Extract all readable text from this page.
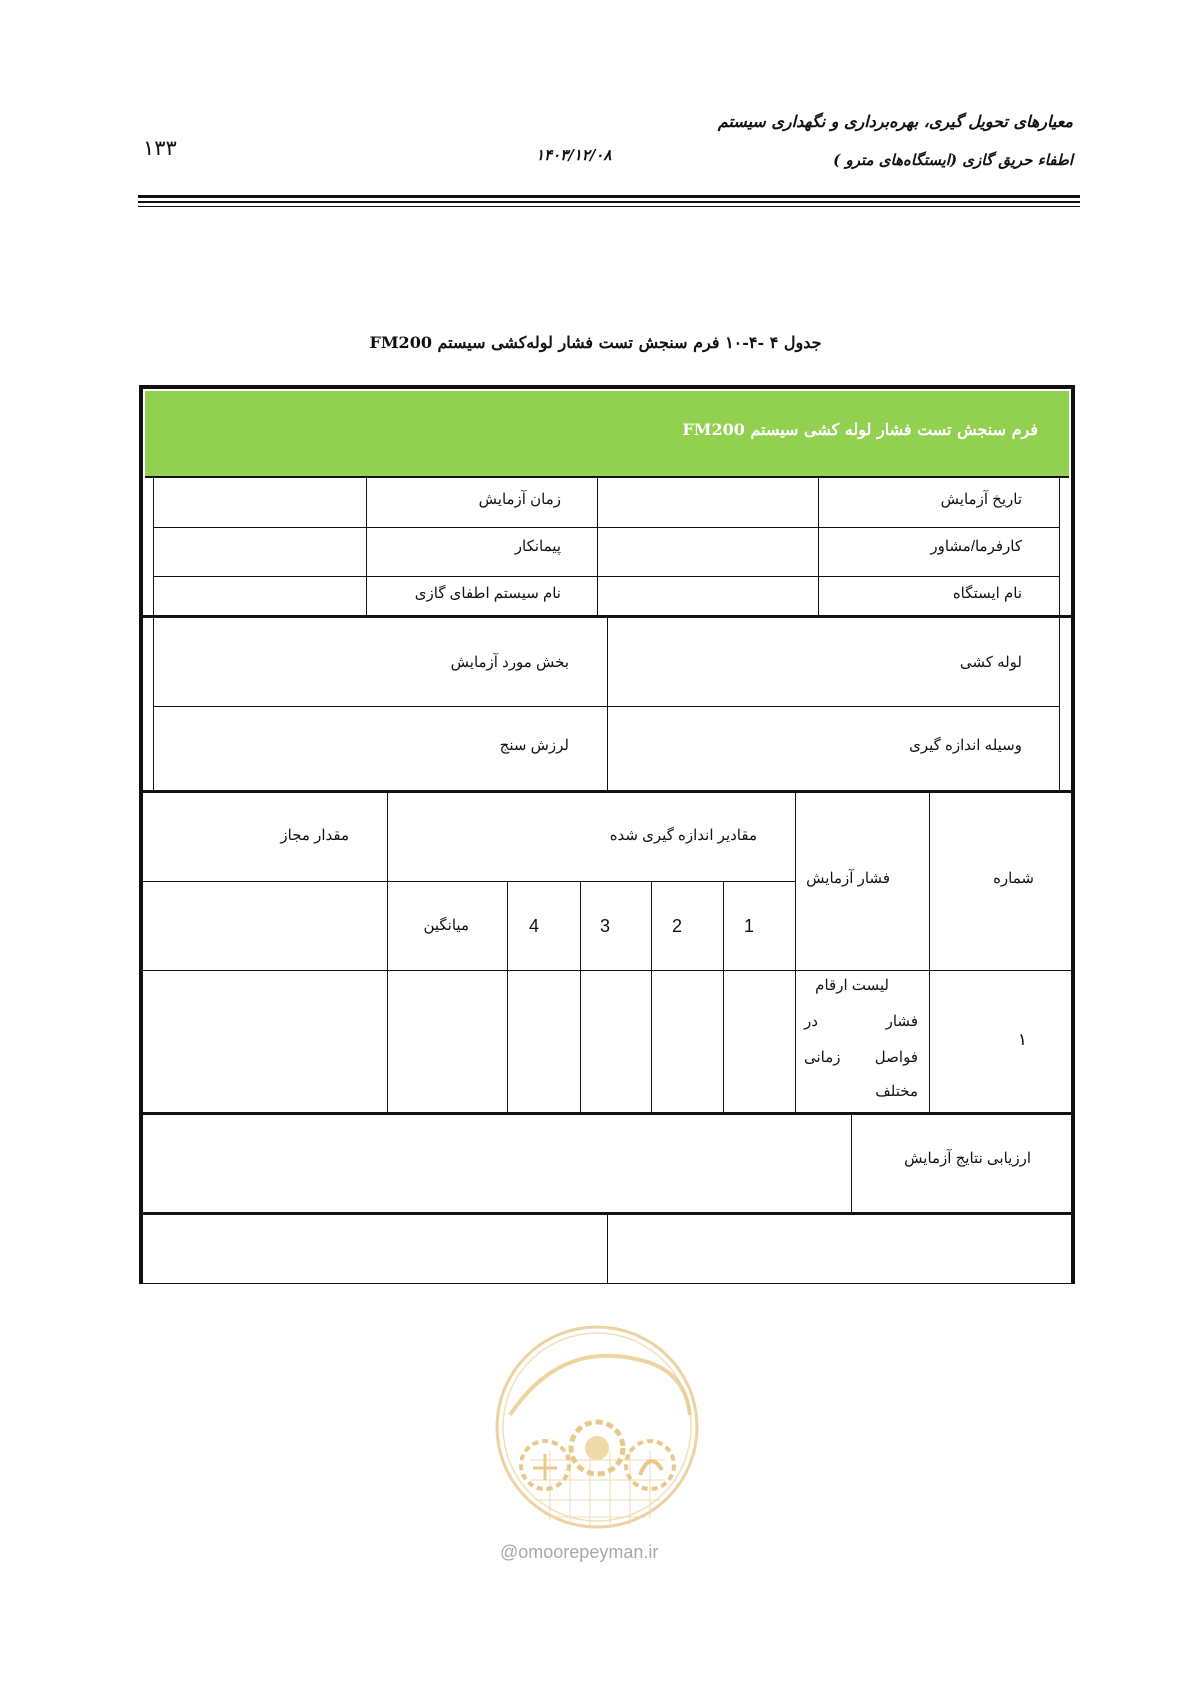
معیارهای تحویل گیری، بهره‌برداری و نگهداری سیستم
اطفاء حریق گازی (ایستگاه‌های مترو )
۱۴۰۳/۱۲/۰۸
۱۳۳
جدول ۴ ‑۴‑۱۰ فرم سنجش تست فشار لوله‌کشی سیستم FM200
فرم سنجش تست فشار لوله کشی سیستم FM200
تاریخ آزمایش
زمان آزمایش
کارفرما/مشاور
پیمانکار
نام ایستگاه
نام سیستم اطفای گازی
لوله کشی
بخش مورد آزمایش
وسیله اندازه گیری
لرزش سنج
شماره
فشار آزمایش
مقادیر اندازه گیری شده
مقدار مجاز
1
2
3
4
میانگین
۱
لیست ارقام
فشار در
فواصل زمانی
مختلف
ارزیابی نتایج آزمایش
@omoorepeyman.ir
